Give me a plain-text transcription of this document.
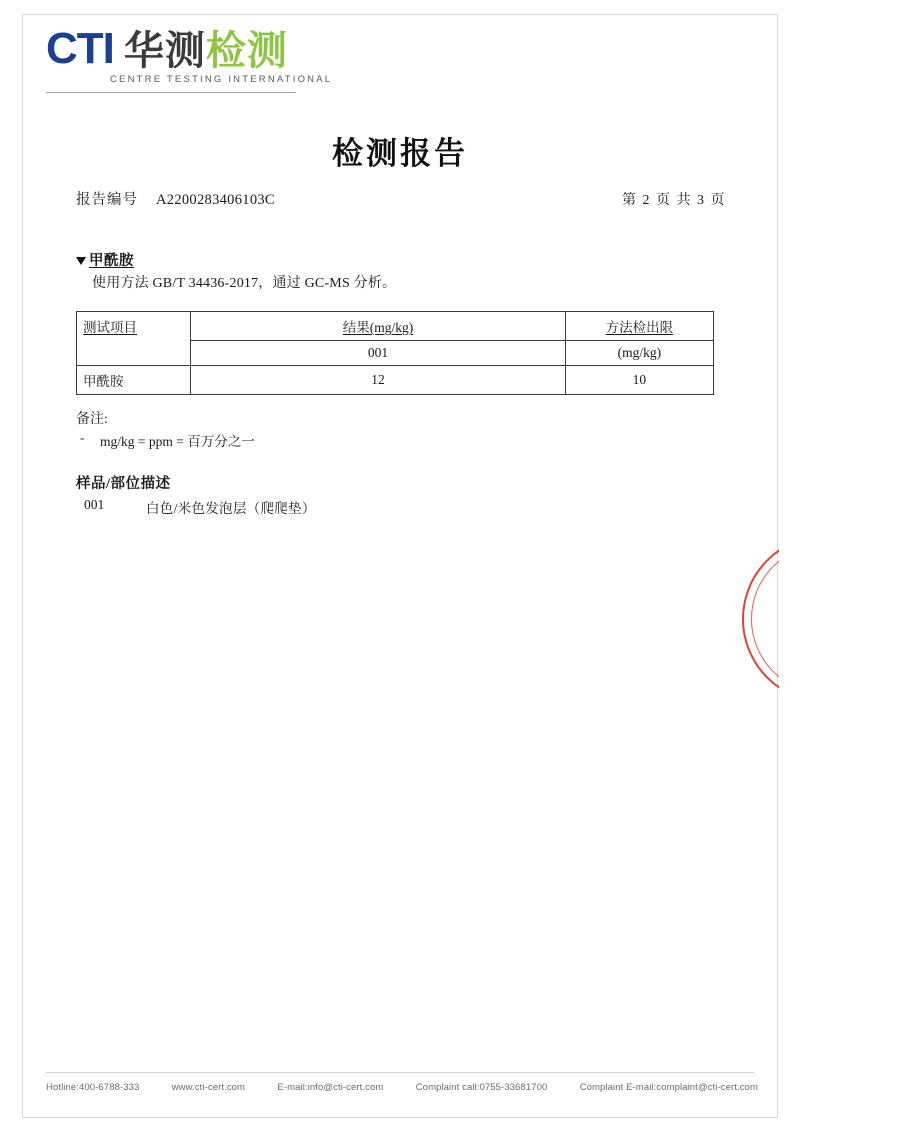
CTI 华测检测
CENTRE TESTING INTERNATIONAL
检测报告
报告编号 A2200283406103C	第 2 页 共 3 页
甲酰胺
使用方法 GB/T 34436-2017，通过 GC-MS 分析。
测试项目	结果(mg/kg)	方法检出限
	001	(mg/kg)
甲酰胺	12	10
备注:
-	mg/kg = ppm = 百万分之一
样品/部位描述
001	白色/米色发泡层（爬爬垫）
Hotline:400-6788-333	www.cti-cert.com	E-mail:info@cti-cert.com	Complaint call:0755-33681700	Complaint E-mail:complaint@cti-cert.com
